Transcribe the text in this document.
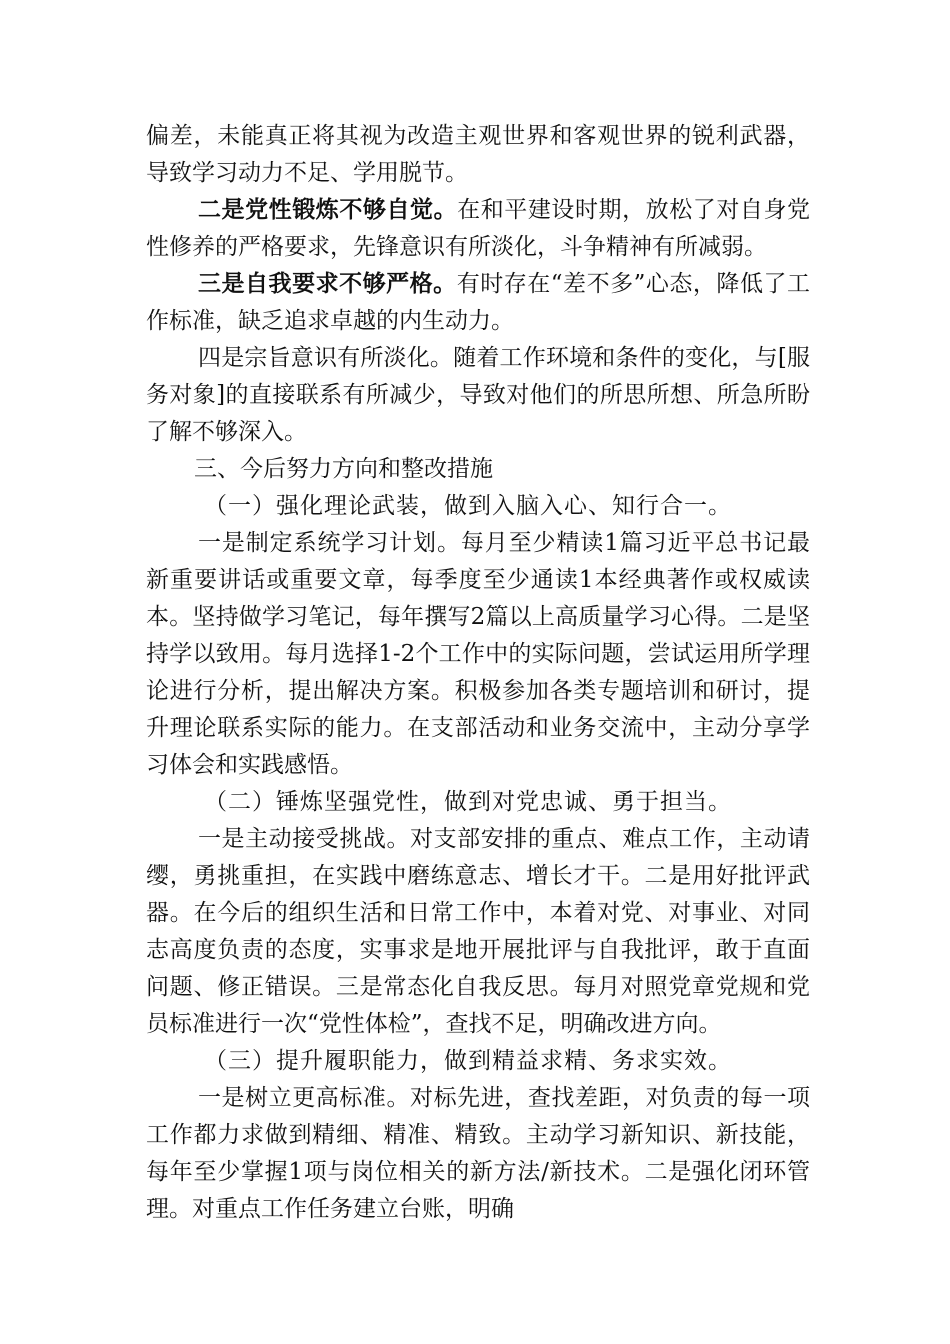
偏差，未能真正将其视为改造主观世界和客观世界的锐利武器，导致学习动力不足、学用脱节。

二是党性锻炼不够自觉。在和平建设时期，放松了对自身党性修养的严格要求，先锋意识有所淡化，斗争精神有所减弱。

三是自我要求不够严格。有时存在“差不多”心态，降低了工作标准，缺乏追求卓越的内生动力。

四是宗旨意识有所淡化。随着工作环境和条件的变化，与[服务对象]的直接联系有所减少，导致对他们的所思所想、所急所盼了解不够深入。

三、今后努力方向和整改措施

（一）强化理论武装，做到入脑入心、知行合一。

一是制定系统学习计划。每月至少精读1篇习近平总书记最新重要讲话或重要文章，每季度至少通读1本经典著作或权威读本。坚持做学习笔记，每年撰写2篇以上高质量学习心得。二是坚持学以致用。每月选择1-2个工作中的实际问题，尝试运用所学理论进行分析，提出解决方案。积极参加各类专题培训和研讨，提升理论联系实际的能力。在支部活动和业务交流中，主动分享学习体会和实践感悟。

（二）锤炼坚强党性，做到对党忠诚、勇于担当。

一是主动接受挑战。对支部安排的重点、难点工作，主动请缨，勇挑重担，在实践中磨练意志、增长才干。二是用好批评武器。在今后的组织生活和日常工作中，本着对党、对事业、对同志高度负责的态度，实事求是地开展批评与自我批评，敢于直面问题、修正错误。三是常态化自我反思。每月对照党章党规和党员标准进行一次“党性体检”，查找不足，明确改进方向。

（三）提升履职能力，做到精益求精、务求实效。

一是树立更高标准。对标先进，查找差距，对负责的每一项工作都力求做到精细、精准、精致。主动学习新知识、新技能，每年至少掌握1项与岗位相关的新方法/新技术。二是强化闭环管理。对重点工作任务建立台账，明确
